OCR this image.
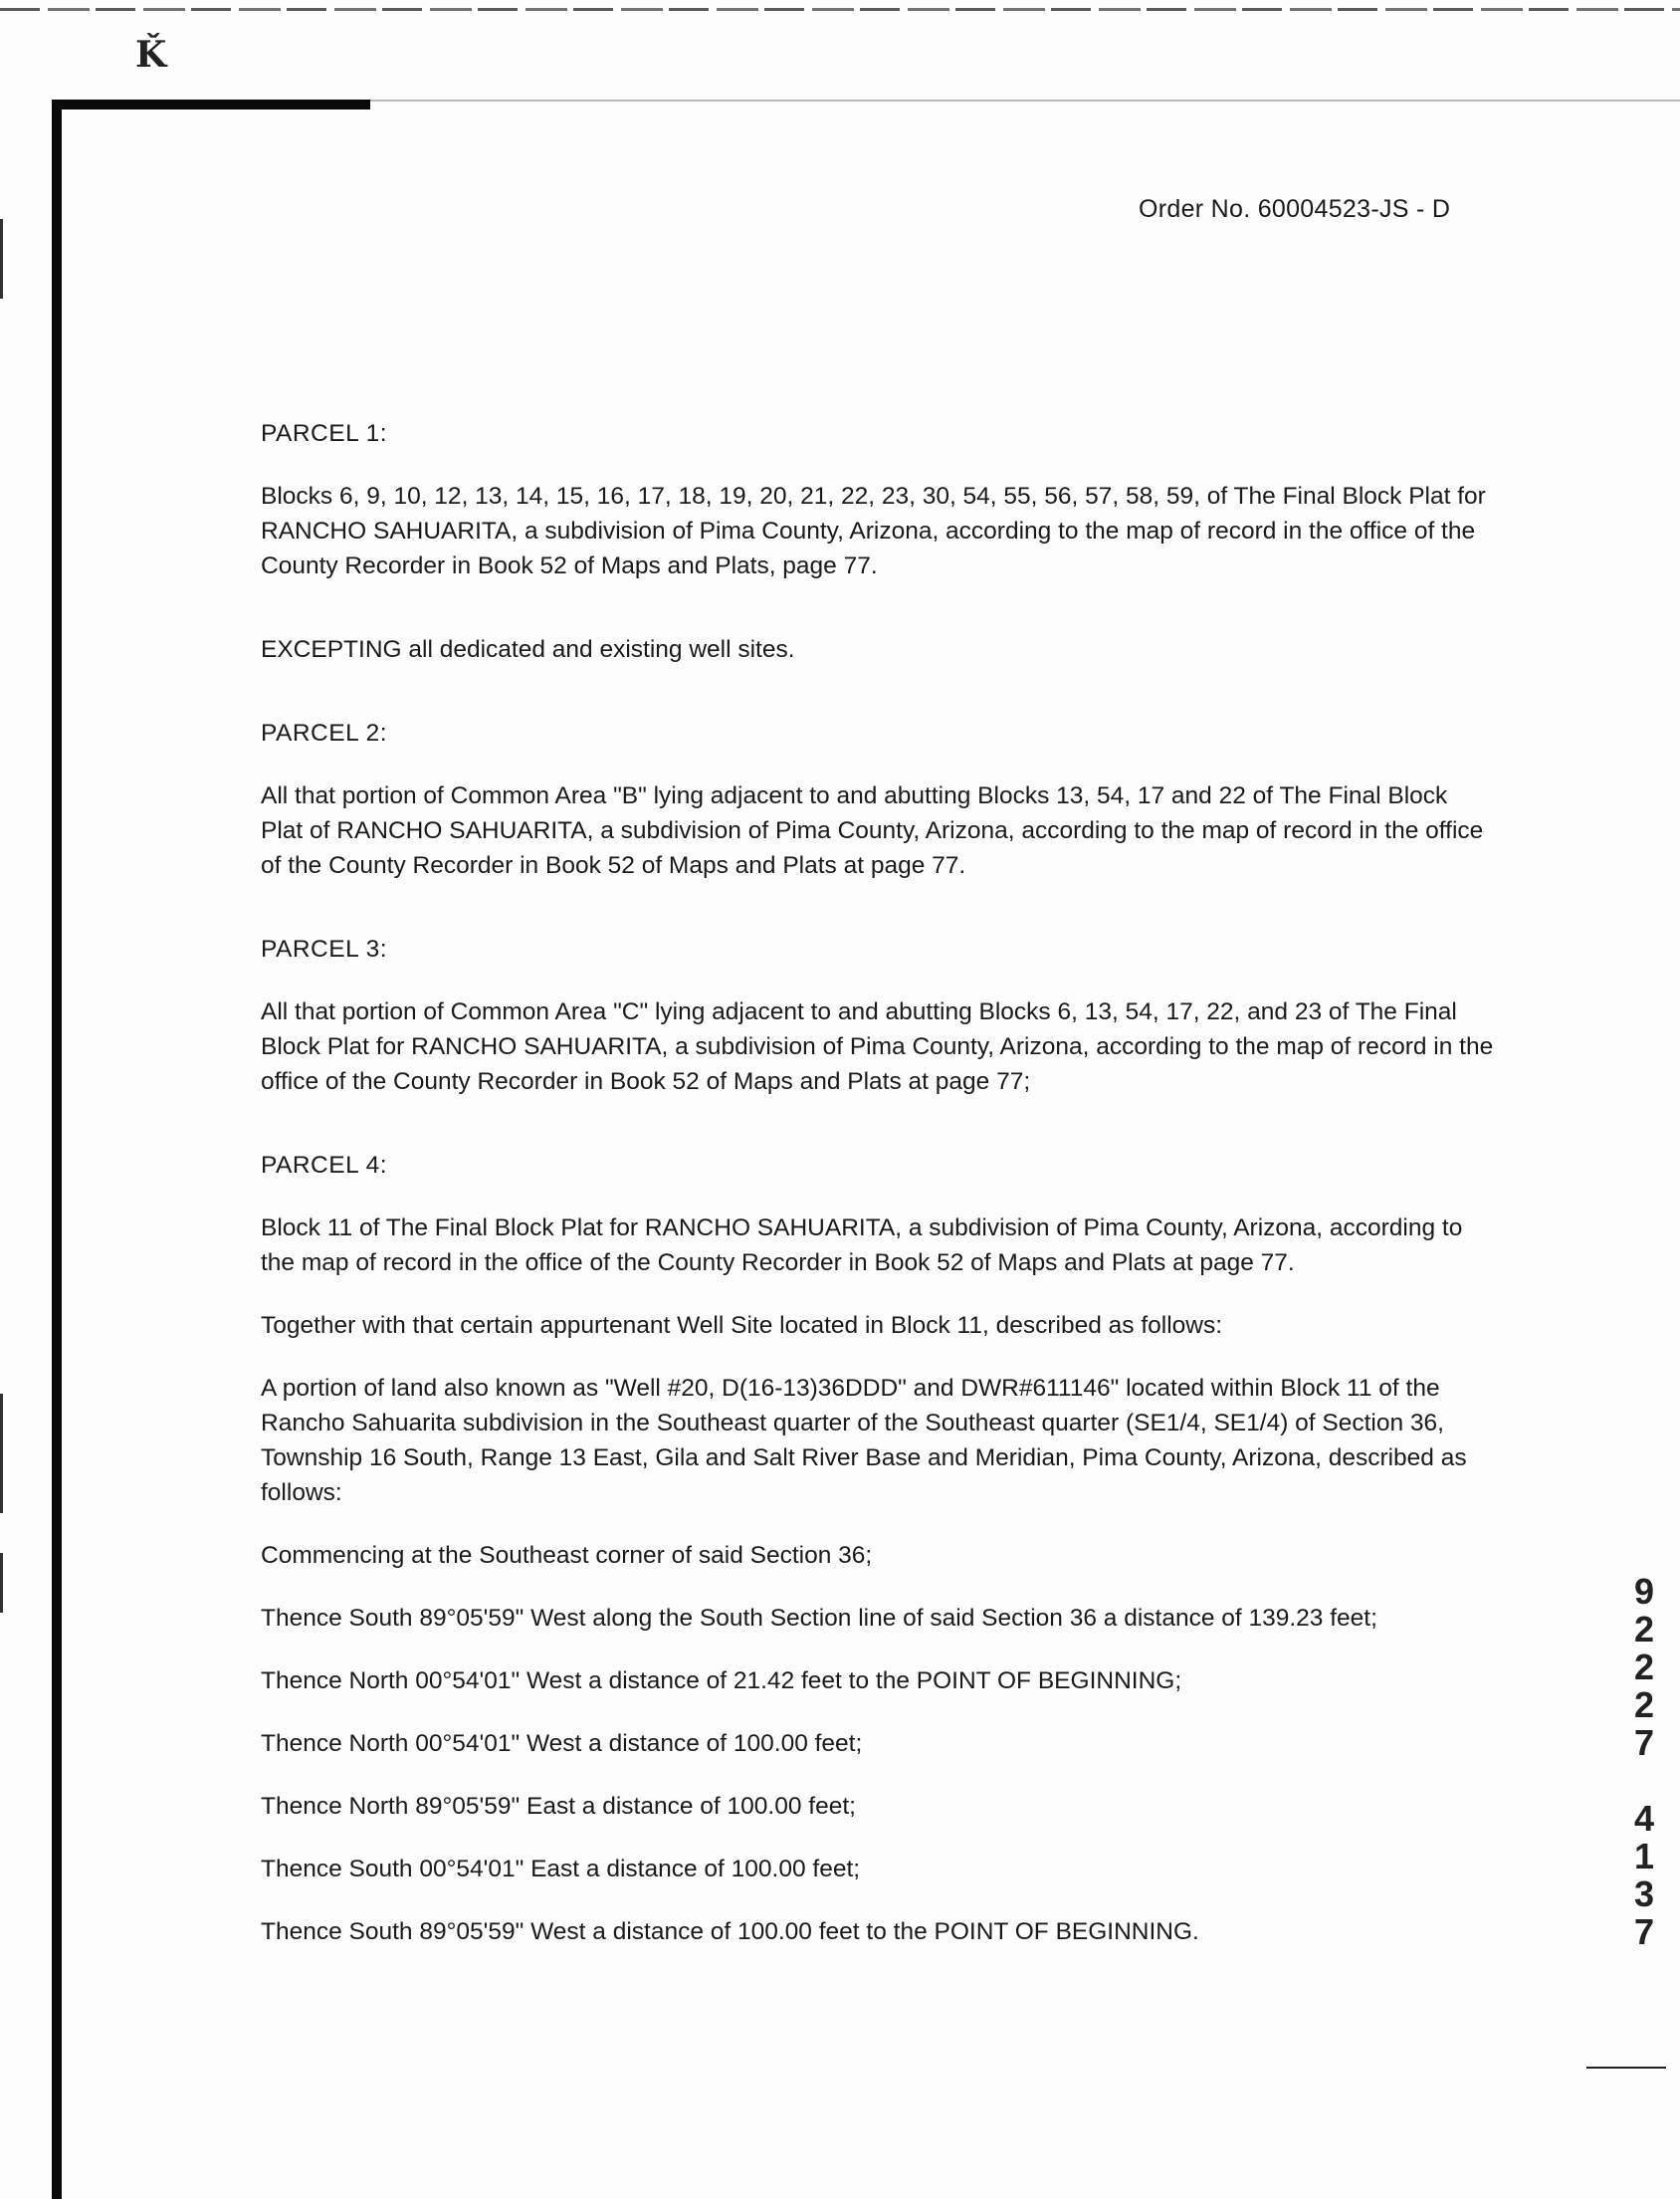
Ǩ
Order No. 60004523-JS - D

PARCEL 1:

Blocks 6, 9, 10, 12, 13, 14, 15, 16, 17, 18, 19, 20, 21, 22, 23, 30, 54, 55, 56, 57, 58, 59, of The Final Block Plat for RANCHO SAHUARITA, a subdivision of Pima County, Arizona, according to the map of record in the office of the County Recorder in Book 52 of Maps and Plats, page 77.

EXCEPTING all dedicated and existing well sites.

PARCEL 2:

All that portion of Common Area "B" lying adjacent to and abutting Blocks 13, 54, 17 and 22 of The Final Block Plat of RANCHO SAHUARITA, a subdivision of Pima County, Arizona, according to the map of record in the office of the County Recorder in Book 52 of Maps and Plats at page 77.

PARCEL 3:

All that portion of Common Area "C" lying adjacent to and abutting Blocks 6, 13, 54, 17, 22, and 23 of The Final Block Plat for RANCHO SAHUARITA, a subdivision of Pima County, Arizona, according to the map of record in the office of the County Recorder in Book 52 of Maps and Plats at page 77;

PARCEL 4:

Block 11 of The Final Block Plat for RANCHO SAHUARITA, a subdivision of Pima County, Arizona, according to the map of record in the office of the County Recorder in Book 52 of Maps and Plats at page 77.

Together with that certain appurtenant Well Site located in Block 11, described as follows:

A portion of land also known as "Well #20, D(16-13)36DDD" and DWR#611146" located within Block 11 of the Rancho Sahuarita subdivision in the Southeast quarter of the Southeast quarter (SE1/4, SE1/4) of Section 36, Township 16 South, Range 13 East, Gila and Salt River Base and Meridian, Pima County, Arizona, described as follows:

Commencing at the Southeast corner of said Section 36;

Thence South 89°05'59" West along the South Section line of said Section 36 a distance of 139.23 feet;

Thence North 00°54'01" West a distance of 21.42 feet to the POINT OF BEGINNING;

Thence North 00°54'01" West a distance of 100.00 feet;

Thence North 89°05'59" East a distance of 100.00 feet;

Thence South 00°54'01" East a distance of 100.00 feet;

Thence South 89°05'59" West a distance of 100.00 feet to the POINT OF BEGINNING.

9
2
2
2
7

4
1
3
7
